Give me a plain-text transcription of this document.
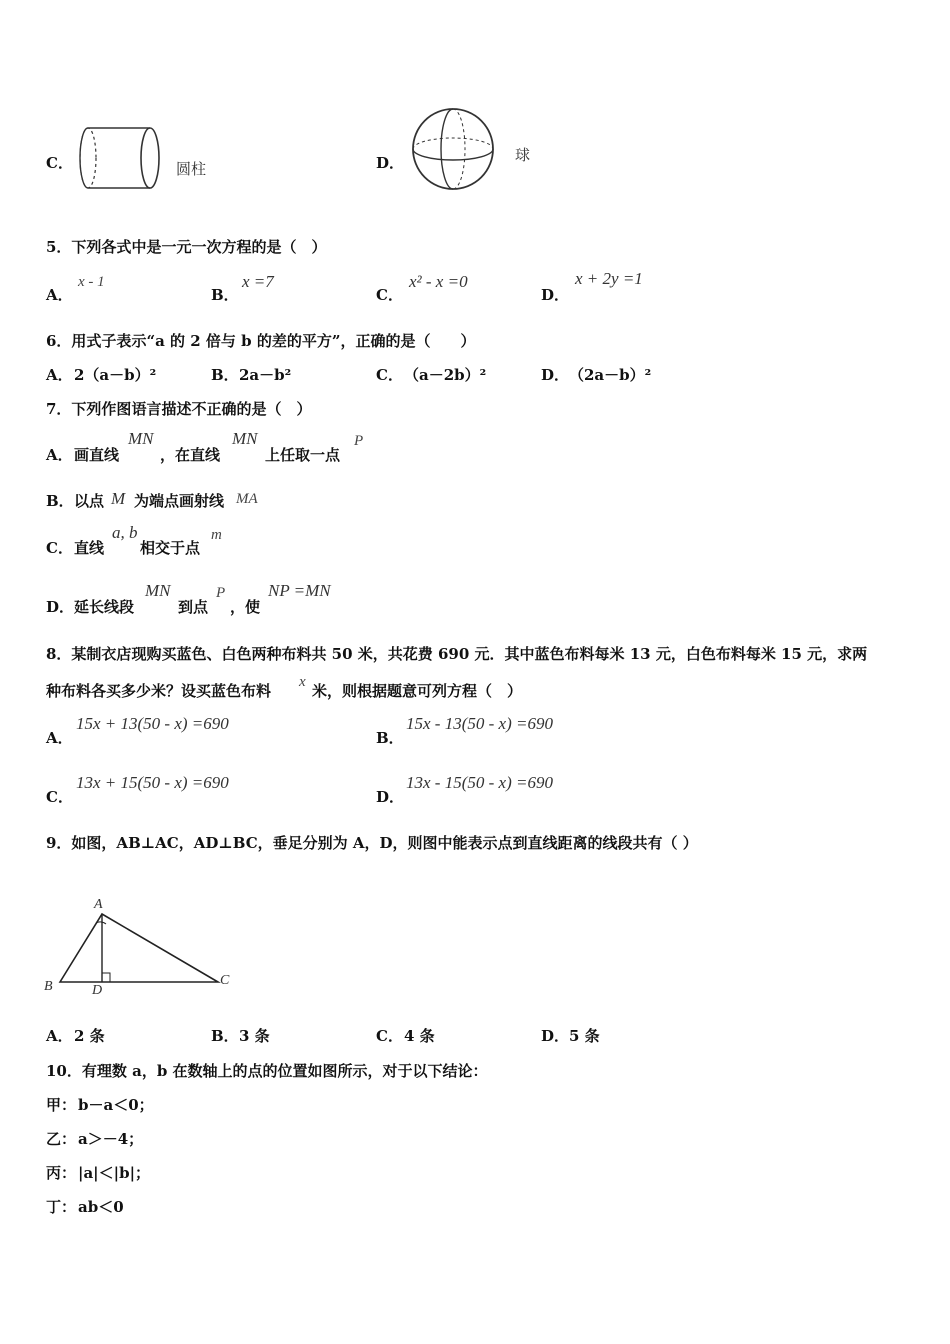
C．	圆柱	D．	球
5．下列各式中是一元一次方程的是（　）
A．
x - 1
B．
x =7
C．
x² - x =0
D．
x + 2y =1
6．用式子表示“a 的 2 倍与 b 的差的平方”，正确的是（　　）
A． 2（a－b）²	B． 2a－b²	C． （a－2b）²	D． （2a－b）²
7．下列作图语言描述不正确的是（　）
A． 画直线
MN
，在直线
MN
上任取一点
P
B． 以点 M 为端点画射线 MA
C． 直线
a, b
相交于点
m
D． 延长线段
MN
到点
P
，使
NP =MN
8．某制衣店现购买蓝色、白色两种布料共 50 米，共花费 690 元．其中蓝色布料每米 13 元，白色布料每米 15 元，求两
种布料各买多少米？设买蓝色布料 x 米，则根据题意可列方程（　）
A．
15x + 13(50 - x) =690
B．
15x - 13(50 - x) =690
C．
13x + 15(50 - x) =690
D．
13x - 15(50 - x) =690
9．如图，AB⊥AC，AD⊥BC，垂足分别为 A，D，则图中能表示点到直线距离的线段共有（ ）
A
B	C
D
A． 2 条	B． 3 条	C． 4 条	D． 5 条
10．有理数 a，b 在数轴上的点的位置如图所示，对于以下结论：
甲： b－a＜0；
乙： a＞－4；
丙： |a|＜|b|；
丁： ab＜0
